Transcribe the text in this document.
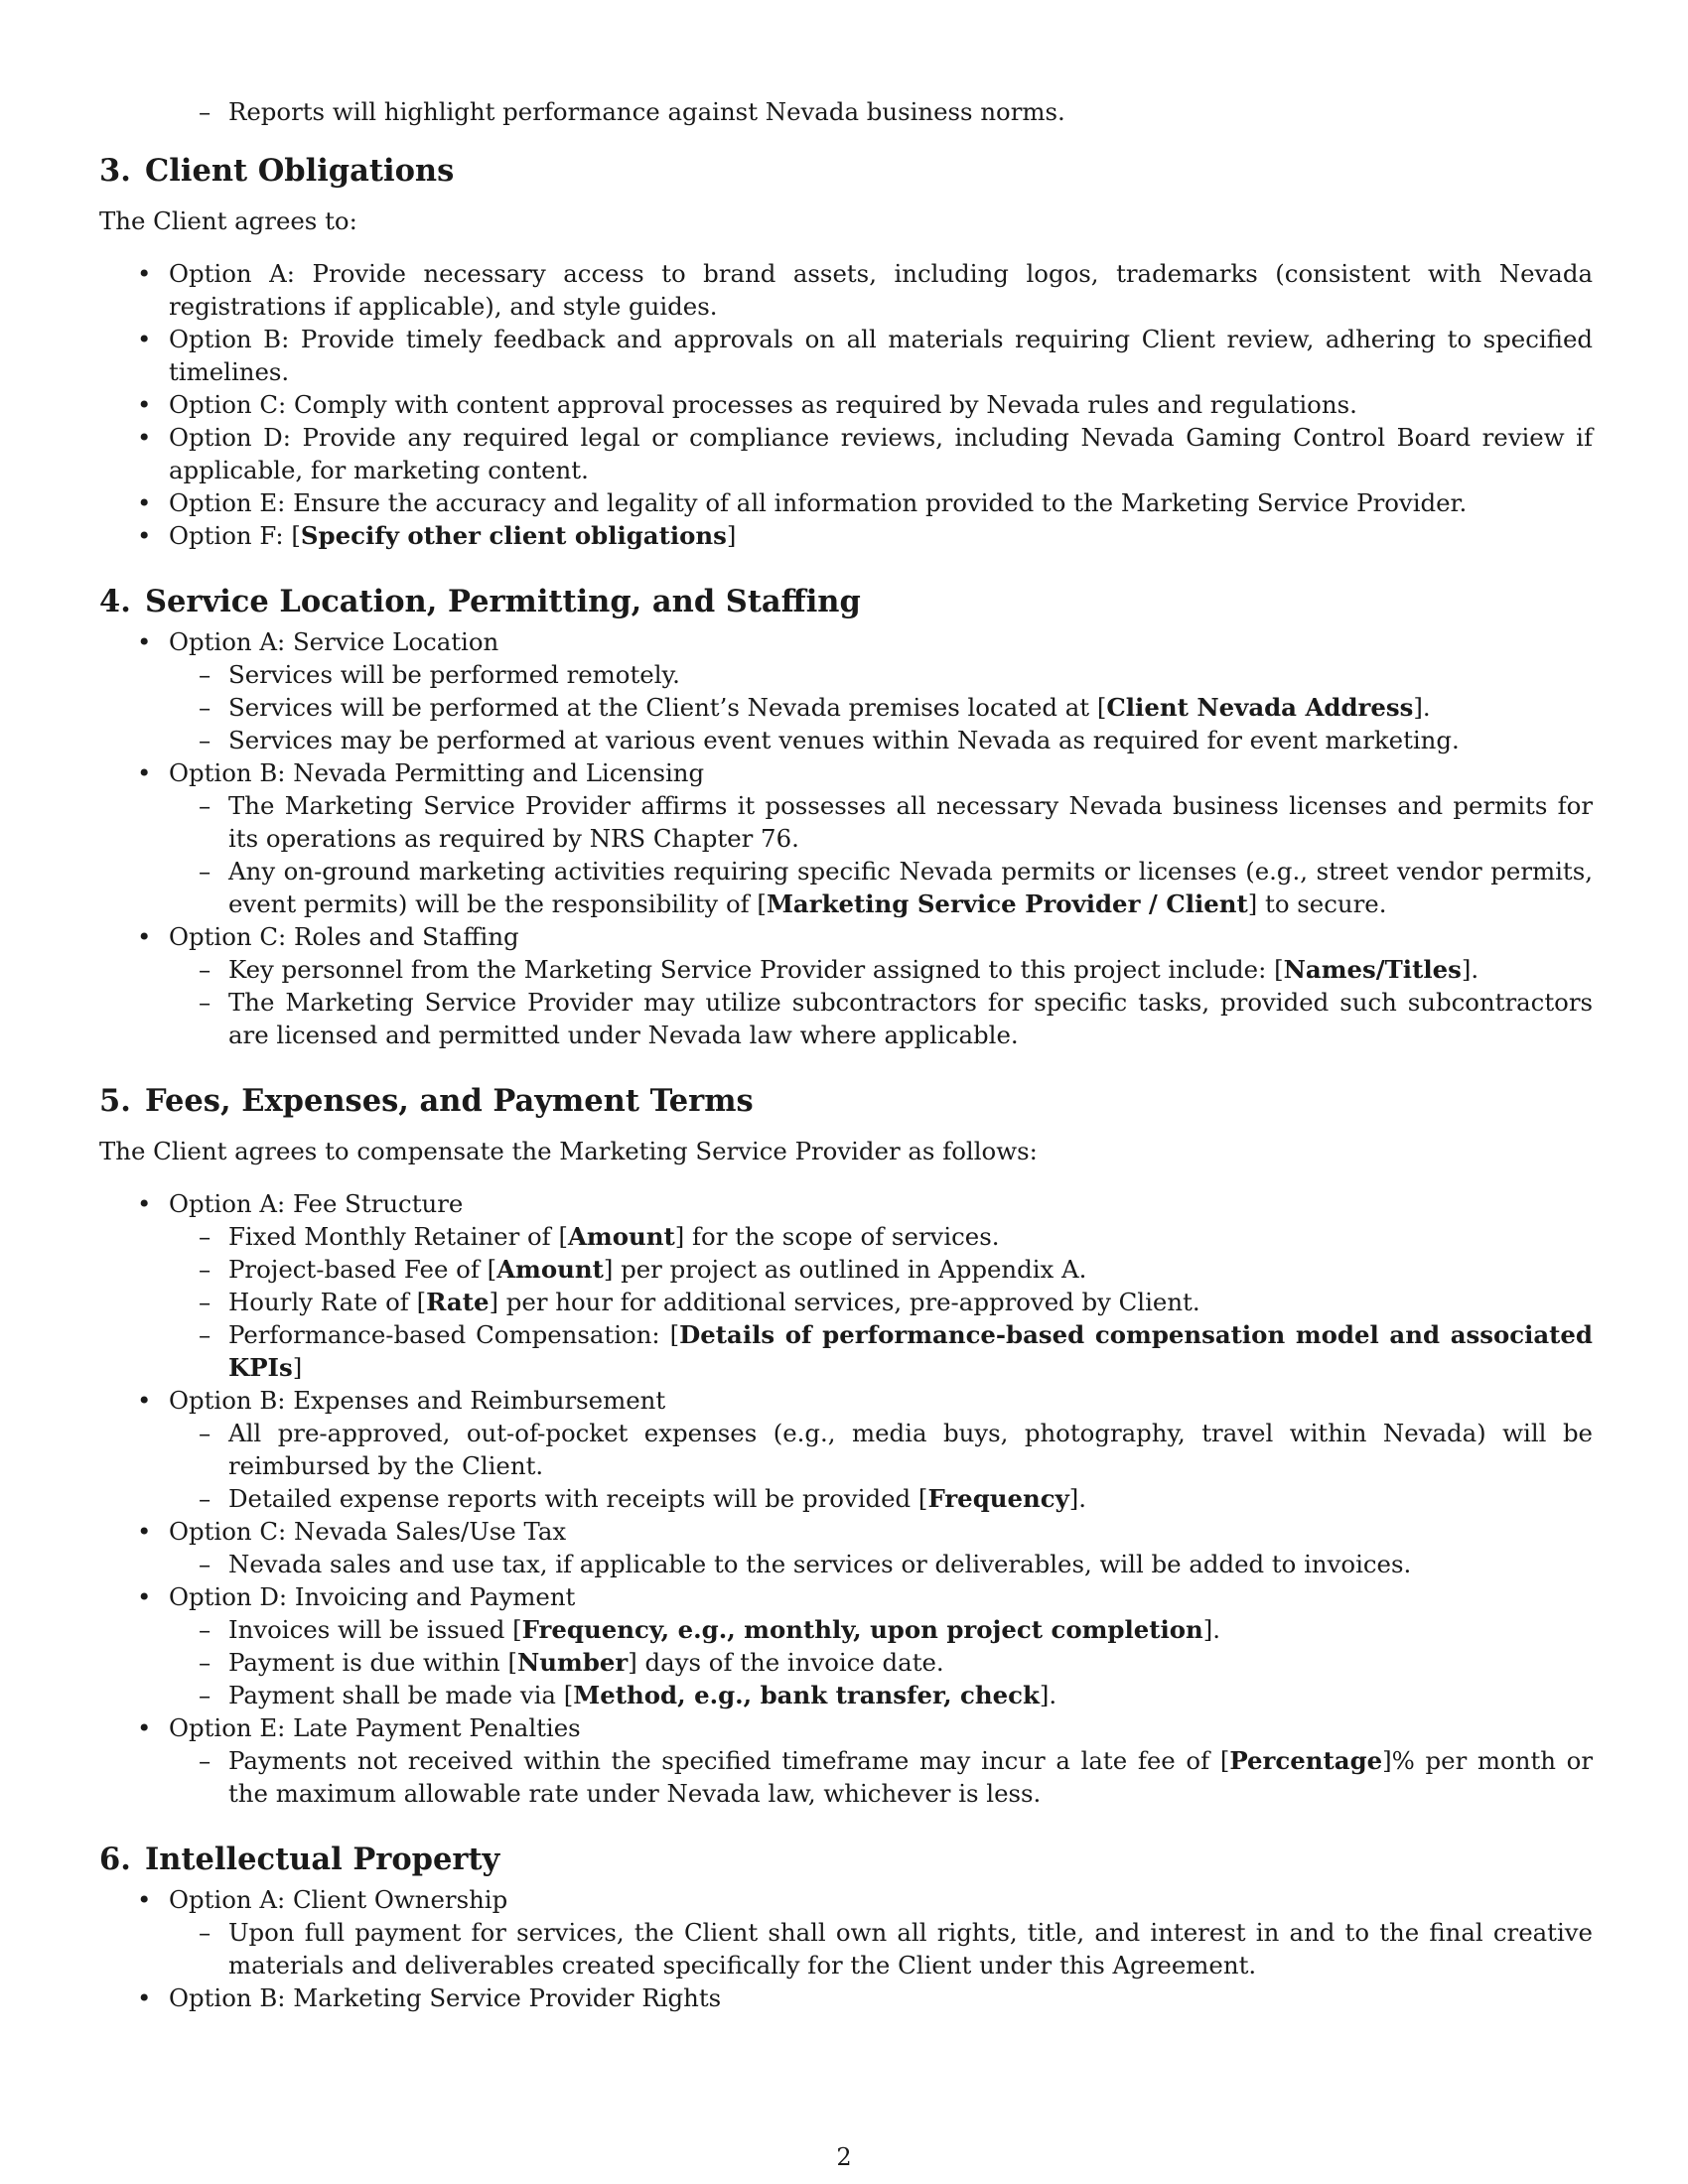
– Reports will highlight performance against Nevada business norms.
3. Client Obligations
The Client agrees to:
• Option A: Provide necessary access to brand assets, including logos, trademarks (consistent with Nevada registrations if applicable), and style guides.
• Option B: Provide timely feedback and approvals on all materials requiring Client review, adhering to specified timelines.
• Option C: Comply with content approval processes as required by Nevada rules and regulations.
• Option D: Provide any required legal or compliance reviews, including Nevada Gaming Control Board review if applicable, for marketing content.
• Option E: Ensure the accuracy and legality of all information provided to the Marketing Service Provider.
• Option F: [Specify other client obligations]
4. Service Location, Permitting, and Staffing
• Option A: Service Location
– Services will be performed remotely.
– Services will be performed at the Client’s Nevada premises located at [Client Nevada Address].
– Services may be performed at various event venues within Nevada as required for event marketing.
• Option B: Nevada Permitting and Licensing
– The Marketing Service Provider affirms it possesses all necessary Nevada business licenses and permits for its operations as required by NRS Chapter 76.
– Any on-ground marketing activities requiring specific Nevada permits or licenses (e.g., street vendor permits, event permits) will be the responsibility of [Marketing Service Provider / Client] to secure.
• Option C: Roles and Staffing
– Key personnel from the Marketing Service Provider assigned to this project include: [Names/Titles].
– The Marketing Service Provider may utilize subcontractors for specific tasks, provided such subcontractors are licensed and permitted under Nevada law where applicable.
5. Fees, Expenses, and Payment Terms
The Client agrees to compensate the Marketing Service Provider as follows:
• Option A: Fee Structure
– Fixed Monthly Retainer of [Amount] for the scope of services.
– Project-based Fee of [Amount] per project as outlined in Appendix A.
– Hourly Rate of [Rate] per hour for additional services, pre-approved by Client.
– Performance-based Compensation: [Details of performance-based compensation model and associated KPIs]
• Option B: Expenses and Reimbursement
– All pre-approved, out-of-pocket expenses (e.g., media buys, photography, travel within Nevada) will be reimbursed by the Client.
– Detailed expense reports with receipts will be provided [Frequency].
• Option C: Nevada Sales/Use Tax
– Nevada sales and use tax, if applicable to the services or deliverables, will be added to invoices.
• Option D: Invoicing and Payment
– Invoices will be issued [Frequency, e.g., monthly, upon project completion].
– Payment is due within [Number] days of the invoice date.
– Payment shall be made via [Method, e.g., bank transfer, check].
• Option E: Late Payment Penalties
– Payments not received within the specified timeframe may incur a late fee of [Percentage]% per month or the maximum allowable rate under Nevada law, whichever is less.
6. Intellectual Property
• Option A: Client Ownership
– Upon full payment for services, the Client shall own all rights, title, and interest in and to the final creative materials and deliverables created specifically for the Client under this Agreement.
• Option B: Marketing Service Provider Rights
2
